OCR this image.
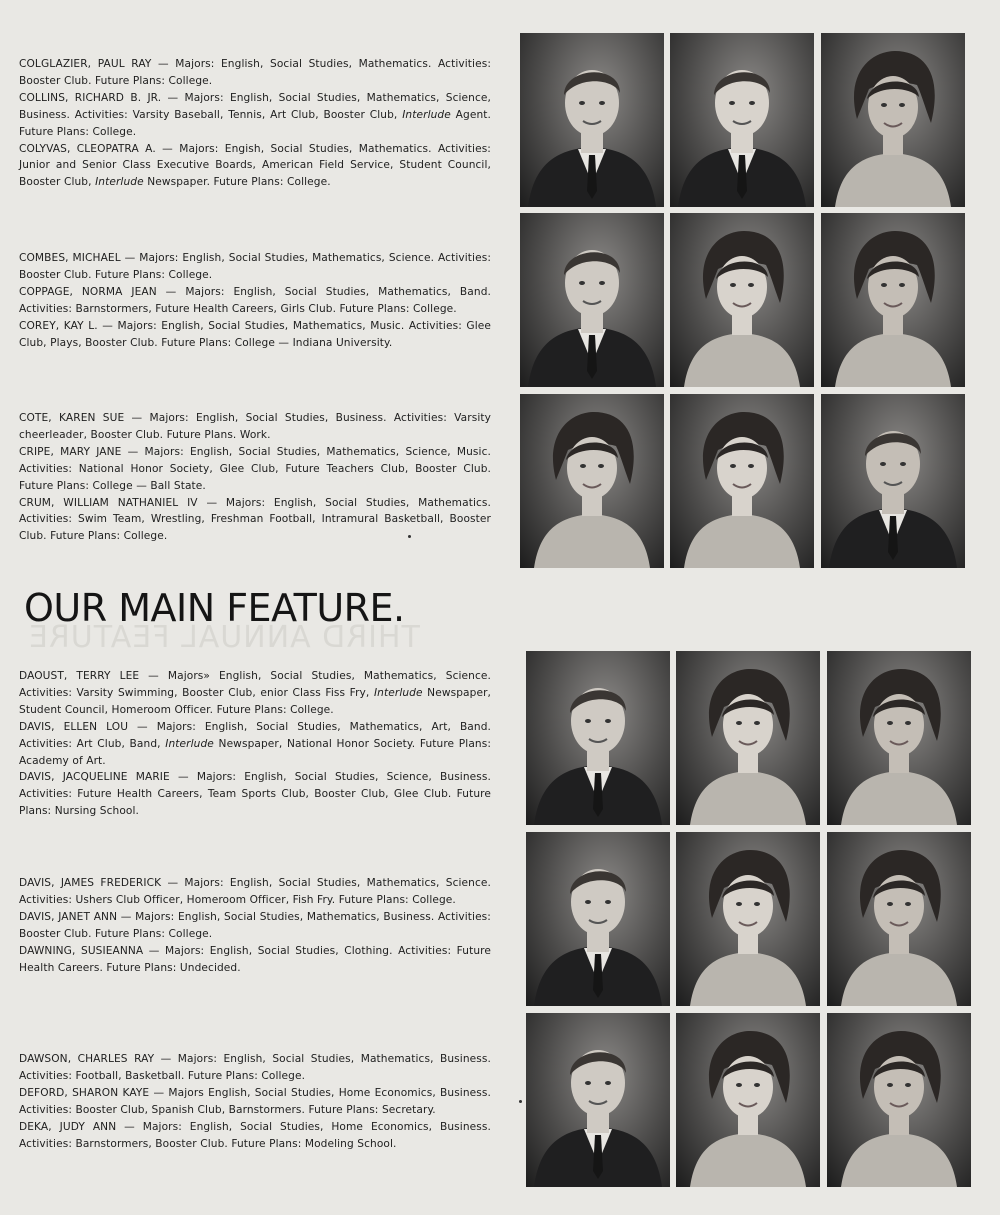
COLGLAZIER, PAUL RAY — Majors: English, Social Studies, Mathematics. Activities: Booster Club. Future Plans: College.

COLLINS, RICHARD B. JR. — Majors: English, Social Studies, Mathematics, Science, Business. Activities: Varsity Baseball, Tennis, Art Club, Booster Club, Interlude Agent. Future Plans: College.

COLYVAS, CLEOPATRA A. — Majors: Engish, Social Studies, Mathematics. Activities: Junior and Senior Class Executive Boards, American Field Service, Student Council, Booster Club, Interlude Newspaper. Future Plans: College.

COMBES, MICHAEL — Majors: English, Social Studies, Mathematics, Science. Activities: Booster Club. Future Plans: College.

COPPAGE, NORMA JEAN — Majors: English, Social Studies, Mathematics, Band. Activities: Barnstormers, Future Health Careers, Girls Club. Future Plans: College.

COREY, KAY L. — Majors: English, Social Studies, Mathematics, Music. Activities: Glee Club, Plays, Booster Club. Future Plans: College — Indiana University.

COTE, KAREN SUE — Majors: English, Social Studies, Business. Activities: Varsity cheerleader, Booster Club. Future Plans. Work.

CRIPE, MARY JANE — Majors: English, Social Studies, Mathematics, Science, Music. Activities: National Honor Society, Glee Club, Future Teachers Club, Booster Club. Future Plans: College — Ball State.

CRUM, WILLIAM NATHANIEL IV — Majors: English, Social Studies, Mathematics. Activities: Swim Team, Wrestling, Freshman Football, Intramural Basketball, Booster Club. Future Plans: College.

DAOUST, TERRY LEE — Majors» English, Social Studies, Mathematics, Science. Activities: Varsity Swimming, Booster Club, enior Class Fiss Fry, Interlude Newspaper, Student Council, Homeroom Officer. Future Plans: College.

DAVIS, ELLEN LOU — Majors: English, Social Studies, Mathematics, Art, Band. Activities: Art Club, Band, Interlude Newspaper, National Honor Society. Future Plans: Academy of Art.

DAVIS, JACQUELINE MARIE — Majors: English, Social Studies, Science, Business. Activities: Future Health Careers, Team Sports Club, Booster Club, Glee Club. Future Plans: Nursing School.

DAVIS, JAMES FREDERICK — Majors: English, Social Studies, Mathematics, Science. Activities: Ushers Club Officer, Homeroom Officer, Fish Fry. Future Plans: College.

DAVIS, JANET ANN — Majors: English, Social Studies, Mathematics, Business. Activities: Booster Club. Future Plans: College.

DAWNING, SUSIEANNA — Majors: English, Social Studies, Clothing. Activities: Future Health Careers. Future Plans: Undecided.

DAWSON, CHARLES RAY — Majors: English, Social Studies, Mathematics, Business. Activities: Football, Basketball. Future Plans: College.

DEFORD, SHARON KAYE — Majors English, Social Studies, Home Economics, Business. Activities: Booster Club, Spanish Club, Barnstormers. Future Plans: Secretary.

DEKA, JUDY ANN — Majors: English, Social Studies, Home Economics, Business. Activities: Barnstormers, Booster Club. Future Plans: Modeling School.

OUR MAIN FEATURE.

THIRD ANNUAL FEATURE
